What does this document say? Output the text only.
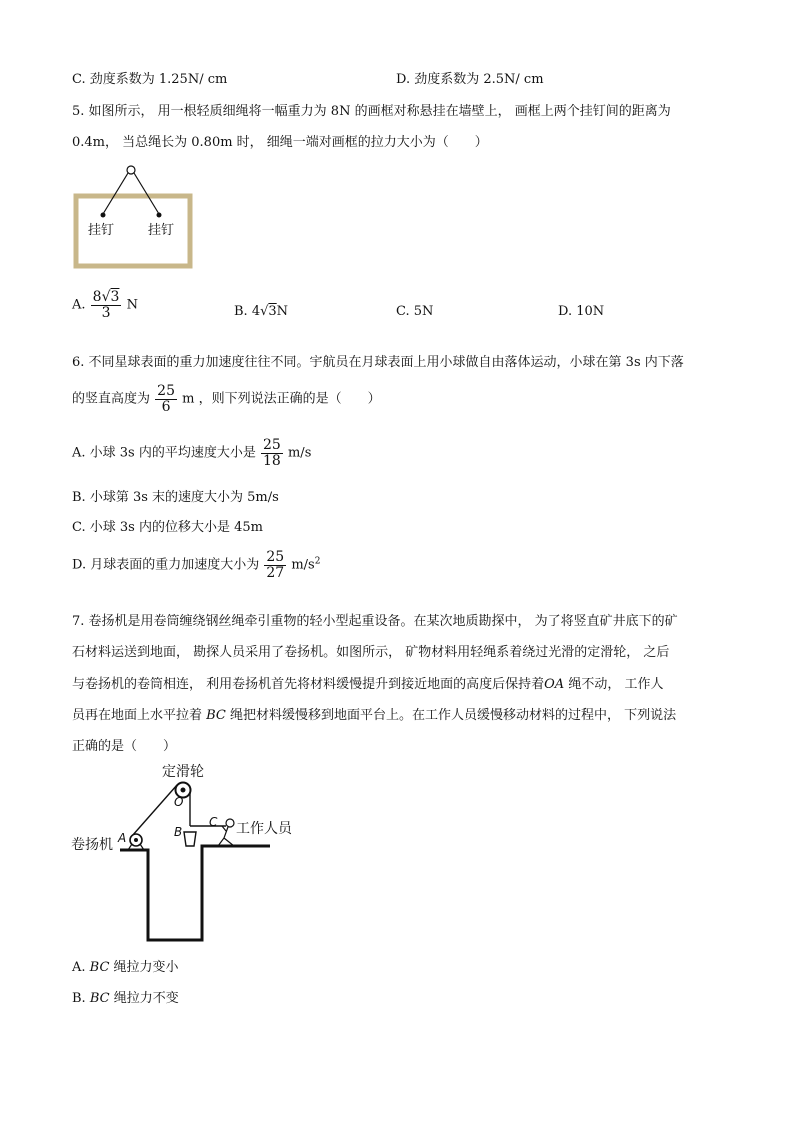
C. 劲度系数为 1.25N/ cm	D. 劲度系数为 2.5N/ cm
5. 如图所示， 用一根轻质细绳将一幅重力为 8N 的画框对称悬挂在墙壁上， 画框上两个挂钉间的距离为
0.4m， 当总绳长为 0.80m 时， 细绳一端对画框的拉力大小为（　　）
挂钉	挂钉
A. $\frac{8√3}{3}$ N	B. 4√3N	C. 5N	D. 10N
6. 不同星球表面的重力加速度往往不同。宇航员在月球表面上用小球做自由落体运动，小球在第 3s 内下落
的竖直高度为 $\frac{25}{6}$ m ，则下列说法正确的是（　　）
A. 小球 3s 内的平均速度大小是 $\frac{25}{18} m/s$
B. 小球第 3s 末的速度大小为 5m/s
C. 小球 3s 内的位移大小是 45m
D. 月球表面的重力加速度大小为 $\frac{25}{27} m/s^2$
7. 卷扬机是用卷筒缠绕钢丝绳牵引重物的轻小型起重设备。在某次地质勘探中， 为了将竖直矿井底下的矿
石材料运送到地面， 勘探人员采用了卷扬机。如图所示， 矿物材料用轻绳系着绕过光滑的定滑轮， 之后
与卷扬机的卷筒相连， 利用卷扬机首先将材料缓慢提升到接近地面的高度后保持着OA 绳不动， 工作人
员再在地面上水平拉着 BC 绳把材料缓慢移到地面平台上。在工作人员缓慢移动材料的过程中， 下列说法
正确的是（　　）
定滑轮
O
A
卷扬机
B
C 工作人员
A. BC 绳拉力变小
B. BC 绳拉力不变
